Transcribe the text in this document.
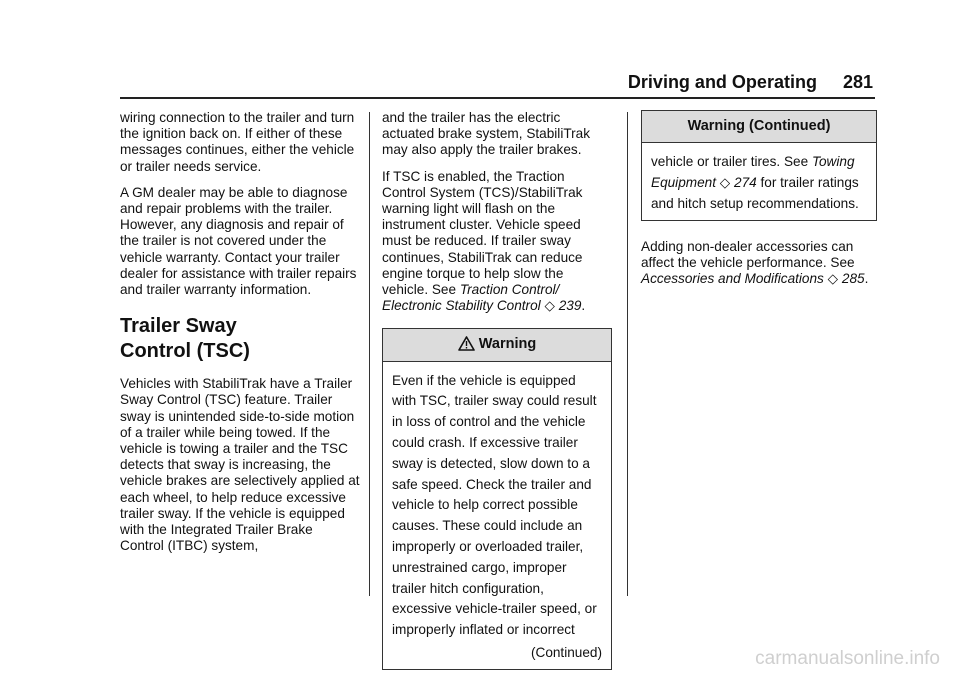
Driving and Operating 281

wiring connection to the trailer and turn the ignition back on. If either of these messages continues, either the vehicle or trailer needs service.

A GM dealer may be able to diagnose and repair problems with the trailer. However, any diagnosis and repair of the trailer is not covered under the vehicle warranty. Contact your trailer dealer for assistance with trailer repairs and trailer warranty information.

Trailer Sway
Control (TSC)

Vehicles with StabiliTrak have a Trailer Sway Control (TSC) feature. Trailer sway is unintended side-to-side motion of a trailer while being towed. If the vehicle is towing a trailer and the TSC detects that sway is increasing, the vehicle brakes are selectively applied at each wheel, to help reduce excessive trailer sway. If the vehicle is equipped with the Integrated Trailer Brake Control (ITBC) system,

and the trailer has the electric actuated brake system, StabiliTrak may also apply the trailer brakes.

If TSC is enabled, the Traction Control System (TCS)/StabiliTrak warning light will flash on the instrument cluster. Vehicle speed must be reduced. If trailer sway continues, StabiliTrak can reduce engine torque to help slow the vehicle. See Traction Control/ Electronic Stability Control ◇ 239.

Warning
Even if the vehicle is equipped with TSC, trailer sway could result in loss of control and the vehicle could crash. If excessive trailer sway is detected, slow down to a safe speed. Check the trailer and vehicle to help correct possible causes. These could include an improperly or overloaded trailer, unrestrained cargo, improper trailer hitch configuration, excessive vehicle-trailer speed, or improperly inflated or incorrect
(Continued)
Warning (Continued)
vehicle or trailer tires. See Towing Equipment ◇ 274 for trailer ratings and hitch setup recommendations.

Adding non-dealer accessories can affect the vehicle performance. See
Accessories and Modifications ◇ 285.

carmanualsonline.info
